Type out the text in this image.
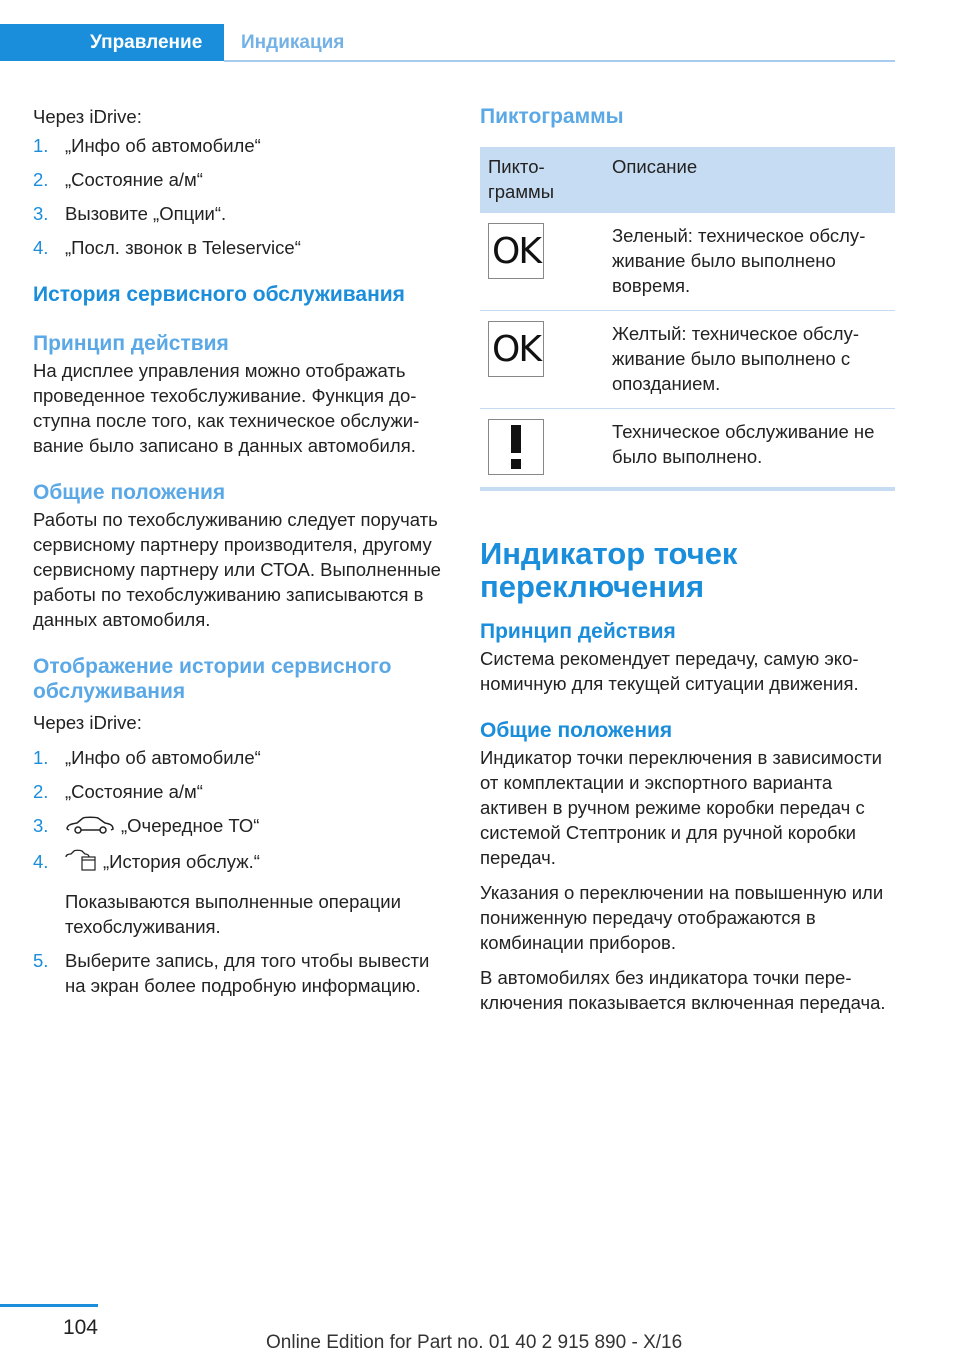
Управление	Индикация

Через iDrive:

1. „Инфо об автомобиле“
2. „Состояние а/м“
3. Вызовите „Опции“.
4. „Посл. звонок в Teleservice“
История сервисного обслуживания
Принцип действия

На дисплее управления можно отображать проведенное техобслуживание. Функция доступна после того, как техническое обслуживание было записано в данных автомобиля.

Общие положения

Работы по техобслуживанию следует поручать сервисному партнеру производителя, другому сервисному партнеру или СТОА. Выполненные работы по техобслуживанию записываются в данных автомобиля.

Отображение истории сервисного обслуживания

Через iDrive:

1. „Инфо об автомобиле“
2. „Состояние а/м“
3.	„Очередное ТО“
4.	„История обслуж.“

Показываются выполненные операции техобслуживания.

5. Выберите запись, для того чтобы вывести на экран более подробную информацию.
Пиктограммы
Пиктограммы	Описание

OK	Зеленый: техническое обслуживание было выполнено вовремя.

OK	Желтый: техническое обслуживание было выполнено с опозданием.

	Техническое обслуживание не было выполнено.
Индикатор точек переключения
Принцип действия

Система рекомендует передачу, самую экономичную для текущей ситуации движения.

Общие положения

Индикатор точки переключения в зависимости от комплектации и экспортного варианта активен в ручном режиме коробки передач с системой Стептроник и для ручной коробки передач.

Указания о переключении на повышенную или пониженную передачу отображаются в комбинации приборов.

В автомобилях без индикатора точки переключения показывается включенная передача.

104
Online Edition for Part no. 01 40 2 915 890 - X/16
